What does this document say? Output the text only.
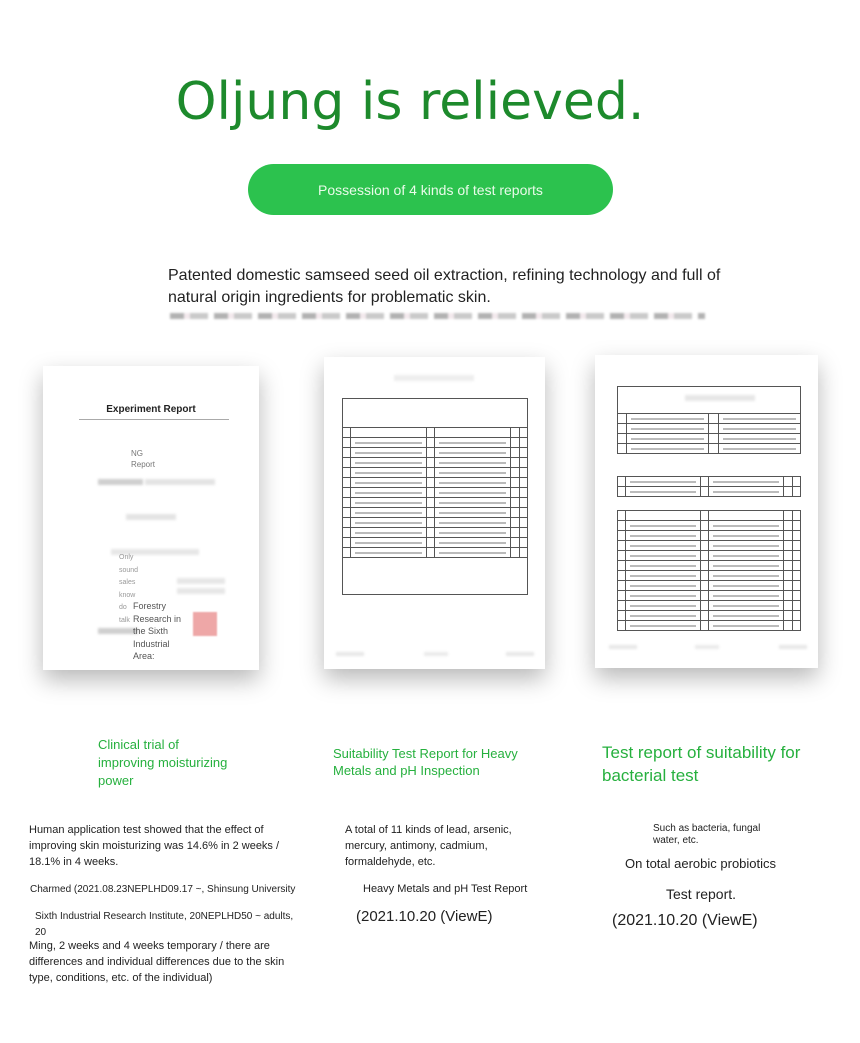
Oljung is relieved.
Possession of 4 kinds of test reports
Patented domestic samseed seed oil extraction, refining technology and full of natural origin ingredients for problematic skin.
Experiment Report
NG
Report
Only
sound
sales
know
do
talk
Forestry
Research in
the Sixth
Industrial
Area:

Clinical trial of improving moisturizing power
Suitability Test Report for Heavy Metals and pH Inspection
Test report of suitability for bacterial test
Human application test showed that the effect of improving skin moisturizing was 14.6% in 2 weeks / 18.1% in 4 weeks.
Charmed (2021.08.23NEPLHD09.17 ~, Shinsung University
Sixth Industrial Research Institute, 20NEPLHD50 ~ adults, 20
Ming, 2 weeks and 4 weeks temporary / there are differences and individual differences due to the skin type, conditions, etc. of the individual)
A total of 11 kinds of lead, arsenic, mercury, antimony, cadmium, formaldehyde, etc.
Heavy Metals and pH Test Report
(2021.10.20 (ViewE)
Such as bacteria, fungal water, etc.
On total aerobic probiotics
Test report.
(2021.10.20 (ViewE)
